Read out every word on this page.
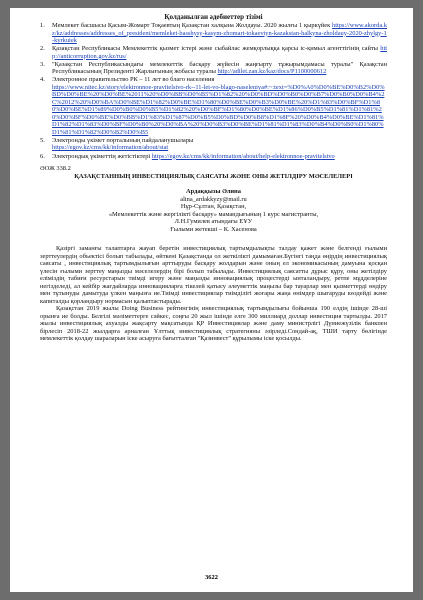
Қолданылған әдебиеттер тізімі
1.	Мемлекет басшысы Қасым-Жомарт Тоқаевтың Қазақстан халқына Жолдауы. 2020 жылғы 1 қыркүйек https://www.akorda.kz/kz/addresses/addresses_of_president/memleket-basshysy-kasym-zhomart-tokaevtyn-kazakstan-halkyna-zholdauy-2020-zhylgy-1-kyrkuiek
2.	Қазақстан Республикасы Мемлекеттік қызмет істері және сыбайлас жемқорлыққа қарсы іс-қимыл агенттігінің сайты http://anticorruption.gov.kz/rus/
3.	"Қазақстан Республикасындағы мемлекеттік басқару жүйесін жаңғырту тұжырымдамасы туралы" Қазақстан Республикасының Президенті Жарлығының жобасы туралы http://adilet.zan.kz/kaz/docs/P1100000612
4.	Электронное правительство РК – 11 лет во благо населения
https://www.nitec.kz/story/elektronnoe-pravitelstvo-rk--11-let-vo-blago-naseleniya#:~:text=%D0%A0%D0%BE%D0%B2%D0%BD%D0%BE%20%D0%BE%2011%20%D0%BB%D0%B5%D1%82%20%D0%BD%D0%B0%D0%B7%D0%B0%D0%B4%2C%2012%20%D0%BA%D0%BE%D1%82%D0%BE%D1%80%D0%BE%D0%B3%D0%BE%20%D1%83%D0%BF%D1%80%D0%BE%D1%89%D0%B0%D0%B5%D1%82%20%D0%BF%D1%80%D0%BE%D1%86%D0%B5%D1%81%D1%81%20%D0%BF%D0%BE%D0%BB%D1%83%D1%87%D0%B5%D0%BD%D0%B8%D1%8F%20%D0%B4%D0%BE%D1%81%D1%82%D1%83%D0%BF%D0%B0%20%D0%BA%20%D0%B3%D0%BE%D1%81%D1%83%D0%B4%D0%B0%D1%80%D1%81%D1%82%D0%B2%D0%B5
5.	Электронды үкімет порталының пайдаланушылары
https://egov.kz/cms/kk/information/about/stat
6.	Электрондық үкіметтің жетістіктері https://egov.kz/cms/kk/information/about/help-elektronnoe-pravitelstvo
ӘОЖ 338.2
ҚАЗАҚСТАННЫҢ ИНВЕСТИЦИЯЛЫҚ САЯСАТЫ ЖӘНЕ ОНЫ ЖЕТІЛДІРУ МӘСЕЛЕЛЕРІ
Ардаққызы Әлина
alina_ardakkyzy@mail.ru
Нұр-Сұлтан, Қазақстан,
«Мемлекеттік және жергілікті басқару» мамандығының 1 курс магистранты,
Л.Н.Гумилев атындағы ЕҰУ
Ғылыми жетекші – К. Хасенова
Қазіргі заманғы талаптарға жауап беретін инвестициялық тартымдылықты талдау қажет және белгенді ғылыми зерттеулердің объектісі болып табылады, өйткені Қазақстанда ол жеткілікті дамымаған.Бүгінгі таңда өңірдің инвестициялық саясаты , инвестициялық тартымдылығын арттыруды басқару жолдарын және оның ел экономикасының дамуына қосқан үлесін ғылыми зерттеу маңызды мәселелердің бірі болып табылады. Инвестициялық саясатты дұрыс құру, оны жетілдіру еліміздің табиғи ресурстарын тиімді игеру және маңызды инновациялық процестерді ынталандыру, ретпе мұдделеріне негізделеді, ал кейбір жағдайларда инновацияларға тікелей қатысу әлеуметтік маңызы бар тауарлар мен қызметтерді өндіру мен тұтынуды дамытуда үлкен маңызға ие.Тиімді инвестициялар тиімділігі жоғары жаңа өнімдер шығаруды көздейді және капиталды қорландыру нормасын қалыптастырады.
Қазақстан 2019 жылы Doing Business рейтингінің инвестициялық тартымдылығы бойынша 190 елдің ішінде 28-ші орынға ие болды. Белгілі мәліметтерге сәйкес, соңғы 20 жыл ішінде елге 300 миллиард доллар инвестиция тартылды. 2017 жылы инвестициялық ахуалды жақсарту мақсатында ҚР Инвестициялар және даму министрлігі Дүниежүзілік банкпен бірлесіп 2018-22 жылдарға арналған Ұлттық инвестициялық стратегияны әзірледі.Сондай-ақ, ТШИ тарту бөлігінде мемлекеттік қолдау шараларын іске асыруға бағытталған "Қазинвест" құрылымы іске қосылды.
3622
